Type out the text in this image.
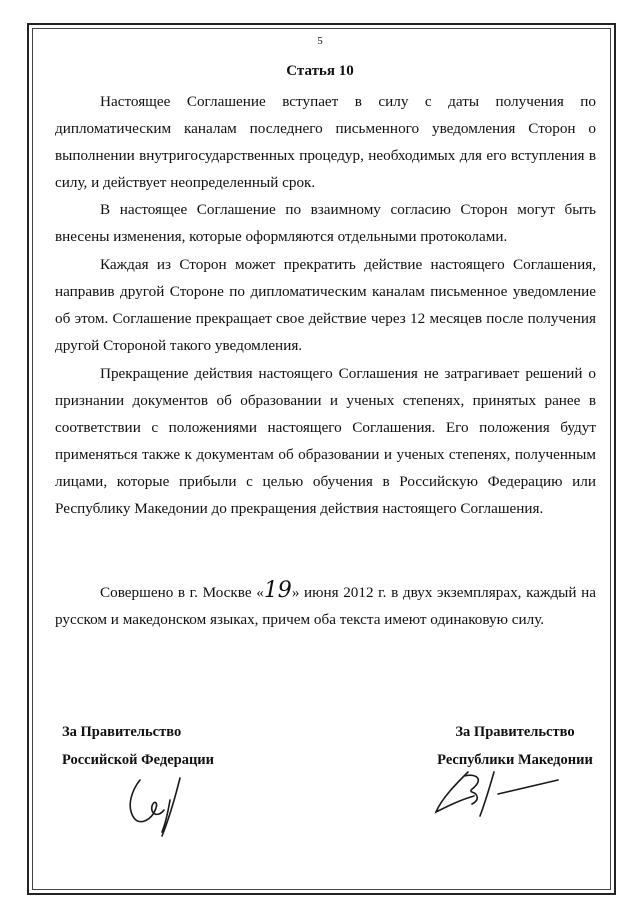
5
Статья 10

Настоящее Соглашение вступает в силу с даты получения по дипломатическим каналам последнего письменного уведомления Сторон о выполнении внутригосударственных процедур, необходимых для его вступления в силу, и действует неопределенный срок.

В настоящее Соглашение по взаимному согласию Сторон могут быть внесены изменения, которые оформляются отдельными протоколами.

Каждая из Сторон может прекратить действие настоящего Соглашения, направив другой Стороне по дипломатическим каналам письменное уведомление об этом. Соглашение прекращает свое действие через 12 месяцев после получения другой Стороной такого уведомления.

Прекращение действия настоящего Соглашения не затрагивает решений о признании документов об образовании и ученых степенях, принятых ранее в соответствии с положениями настоящего Соглашения. Его положения будут применяться также к документам об образовании и ученых степенях, полученным лицами, которые прибыли с целью обучения в Российскую Федерацию или Республику Македонии до прекращения действия настоящего Соглашения.

Совершено в г. Москве «19» июня 2012 г. в двух экземплярах, каждый на русском и македонском языках, причем оба текста имеют одинаковую силу.

За Правительство
Российской Федерации
За Правительство
Республики Македонии
